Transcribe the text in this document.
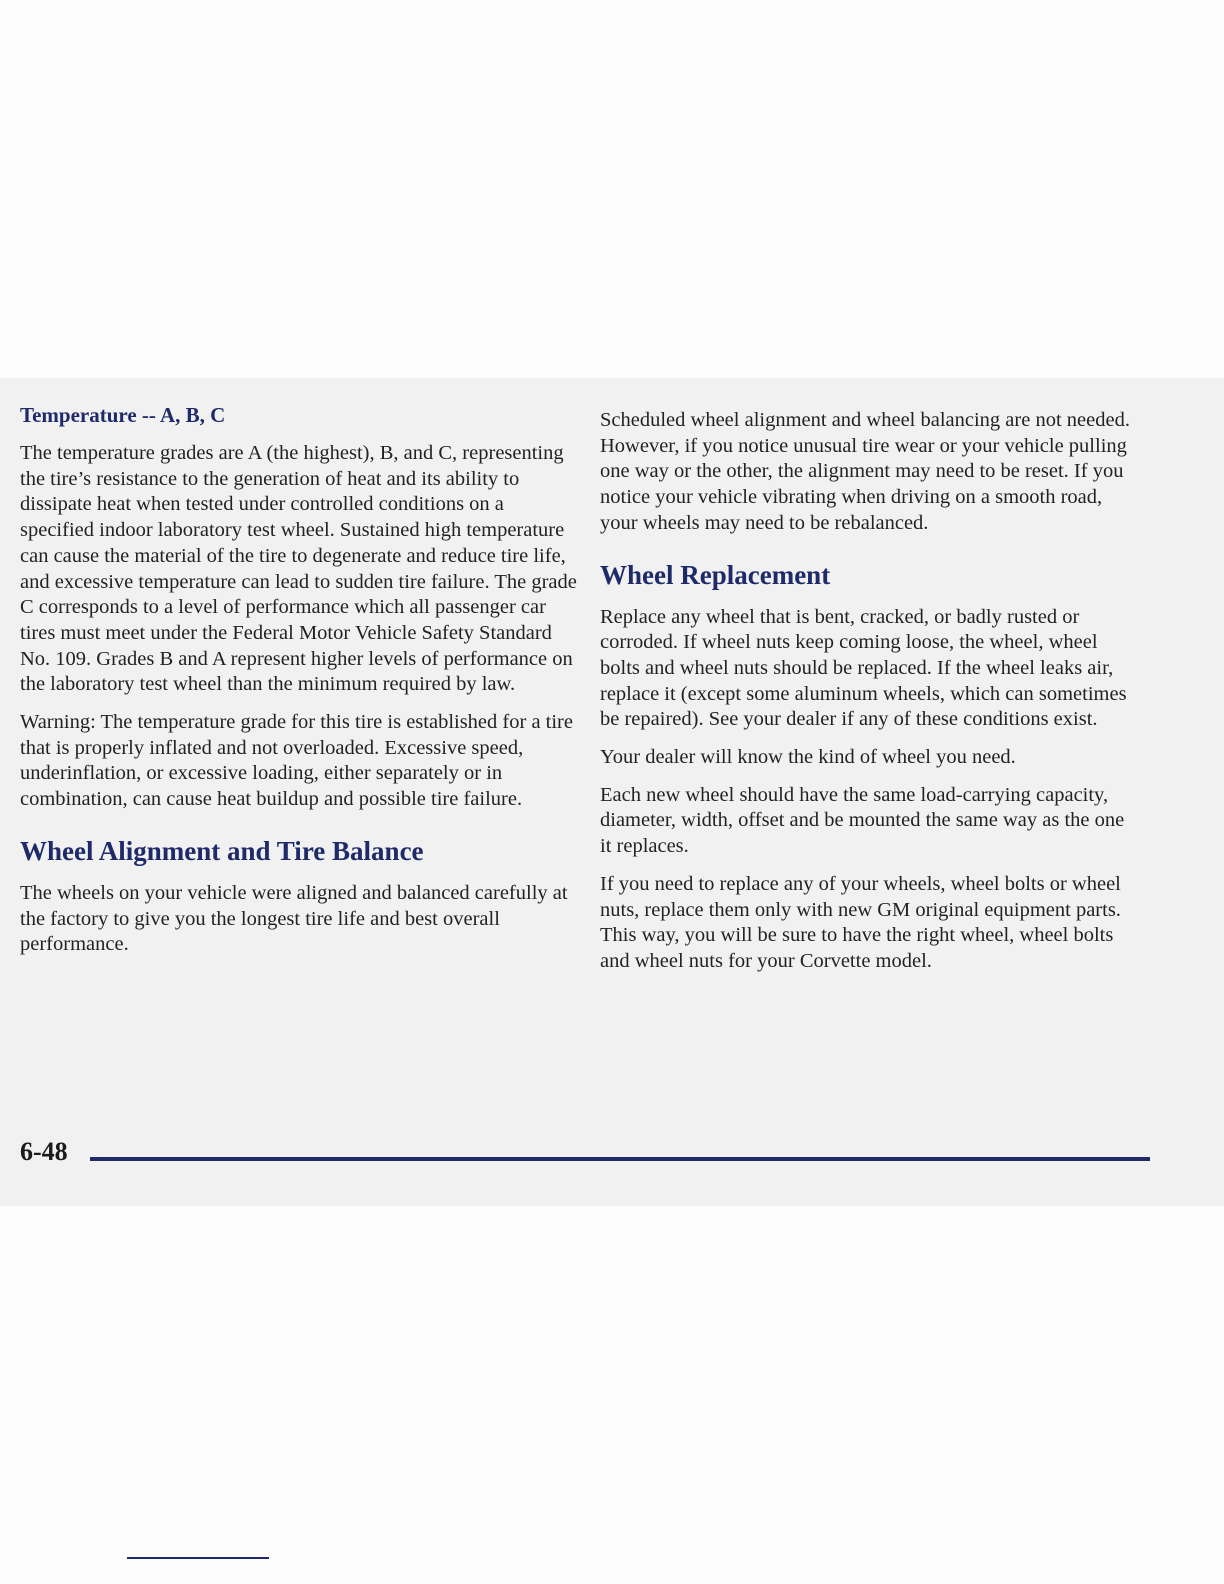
Temperature -- A, B, C

The temperature grades are A (the highest), B, and C, representing the tire’s resistance to the generation of heat and its ability to dissipate heat when tested under controlled conditions on a specified indoor laboratory test wheel. Sustained high temperature can cause the material of the tire to degenerate and reduce tire life, and excessive temperature can lead to sudden tire failure. The grade C corresponds to a level of performance which all passenger car tires must meet under the Federal Motor Vehicle Safety Standard No. 109. Grades B and A represent higher levels of performance on the laboratory test wheel than the minimum required by law.

Warning: The temperature grade for this tire is established for a tire that is properly inflated and not overloaded. Excessive speed, underinflation, or excessive loading, either separately or in combination, can cause heat buildup and possible tire failure.

Wheel Alignment and Tire Balance

The wheels on your vehicle were aligned and balanced carefully at the factory to give you the longest tire life and best overall performance.

Scheduled wheel alignment and wheel balancing are not needed. However, if you notice unusual tire wear or your vehicle pulling one way or the other, the alignment may need to be reset. If you notice your vehicle vibrating when driving on a smooth road, your wheels may need to be rebalanced.

Wheel Replacement

Replace any wheel that is bent, cracked, or badly rusted or corroded. If wheel nuts keep coming loose, the wheel, wheel bolts and wheel nuts should be replaced. If the wheel leaks air, replace it (except some aluminum wheels, which can sometimes be repaired). See your dealer if any of these conditions exist.

Your dealer will know the kind of wheel you need.

Each new wheel should have the same load-carrying capacity, diameter, width, offset and be mounted the same way as the one it replaces.

If you need to replace any of your wheels, wheel bolts or wheel nuts, replace them only with new GM original equipment parts. This way, you will be sure to have the right wheel, wheel bolts and wheel nuts for your Corvette model.

6-48
